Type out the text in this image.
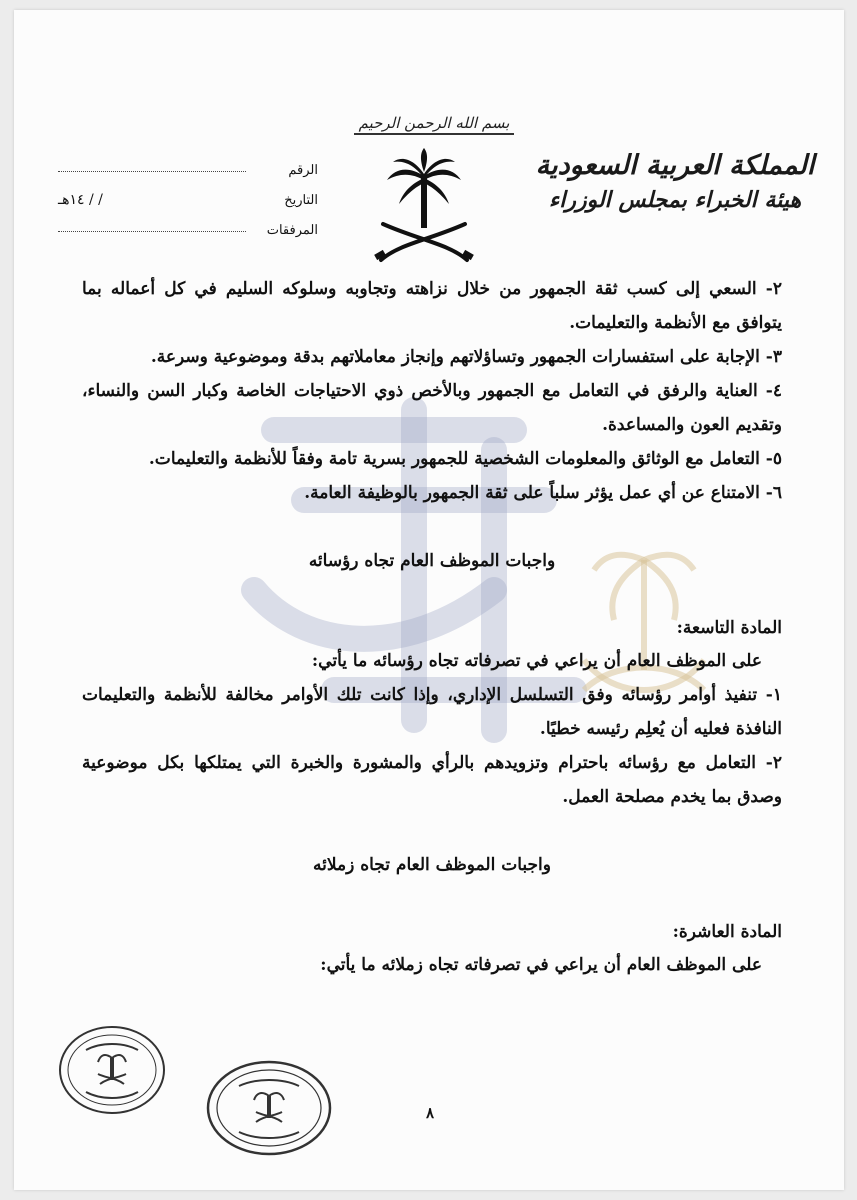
بسم الله الرحمن الرحيم
المملكة العربية السعودية
هيئة الخبراء بمجلس الوزراء
الرقم
التاريخ
/ / ١٤هـ
المرفقات

٢- السعي إلى كسب ثقة الجمهور من خلال نزاهته وتجاوبه وسلوكه السليم في كل أعماله بما يتوافق مع الأنظمة والتعليمات.

٣- الإجابة على استفسارات الجمهور وتساؤلاتهم وإنجاز معاملاتهم بدقة وموضوعية وسرعة.

٤- العناية والرفق في التعامل مع الجمهور وبالأخص ذوي الاحتياجات الخاصة وكبار السن والنساء، وتقديم العون والمساعدة.

٥- التعامل مع الوثائق والمعلومات الشخصية للجمهور بسرية تامة وفقاً للأنظمة والتعليمات.

٦- الامتناع عن أي عمل يؤثر سلباً على ثقة الجمهور بالوظيفة العامة.

واجبات الموظف العام تجاه رؤسائه

المادة التاسعة:

على الموظف العام أن يراعي في تصرفاته تجاه رؤسائه ما يأتي:

١- تنفيذ أوامر رؤسائه وفق التسلسل الإداري، وإذا كانت تلك الأوامر مخالفة للأنظمة والتعليمات النافذة فعليه أن يُعلِم رئيسه خطيًا.

٢- التعامل مع رؤسائه باحترام وتزويدهم بالرأي والمشورة والخبرة التي يمتلكها بكل موضوعية وصدق بما يخدم مصلحة العمل.

واجبات الموظف العام تجاه زملائه

المادة العاشرة:

على الموظف العام أن يراعي في تصرفاته تجاه زملائه ما يأتي:

٨
